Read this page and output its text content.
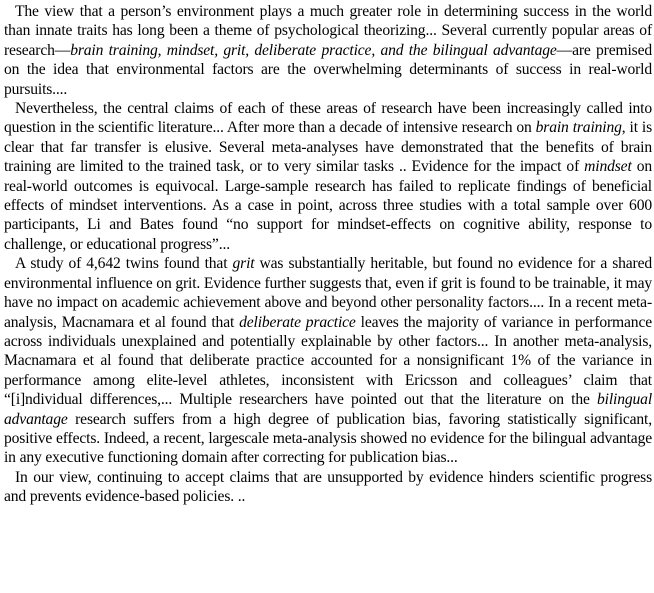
The view that a person’s environment plays a much greater role in determining success in the world than innate traits has long been a theme of psychological theorizing... Several currently popular areas of research—brain training, mindset, grit, deliberate practice, and the bilingual advantage—are premised on the idea that environmental factors are the overwhelming determinants of success in real-world pursuits....

Nevertheless, the central claims of each of these areas of research have been increasingly called into question in the scientific literature... After more than a decade of intensive research on brain training, it is clear that far transfer is elusive. Several meta-analyses have demonstrated that the benefits of brain training are limited to the trained task, or to very similar tasks .. Evidence for the impact of mindset on real-world outcomes is equivocal. Large-sample research has failed to replicate findings of beneficial effects of mindset interventions. As a case in point, across three studies with a total sample over 600 participants, Li and Bates found “no support for mindset-effects on cognitive ability, response to challenge, or educational progress”...

A study of 4,642 twins found that grit was substantially heritable, but found no evidence for a shared environmental influence on grit. Evidence further suggests that, even if grit is found to be trainable, it may have no impact on academic achievement above and beyond other personality factors.... In a recent meta-analysis, Macnamara et al found that deliberate practice leaves the majority of variance in performance across individuals unexplained and potentially explainable by other factors... In another meta-analysis, Macnamara et al found that deliberate practice accounted for a nonsignificant 1% of the variance in performance among elite-level athletes, inconsistent with Ericsson and colleagues’ claim that “[i]ndividual differences,... Multiple researchers have pointed out that the literature on the bilingual advantage research suffers from a high degree of publication bias, favoring statistically significant, positive effects. Indeed, a recent, largescale meta-analysis showed no evidence for the bilingual advantage in any executive functioning domain after correcting for publication bias...

In our view, continuing to accept claims that are unsupported by evidence hinders scientific progress and prevents evidence-based policies. ..
